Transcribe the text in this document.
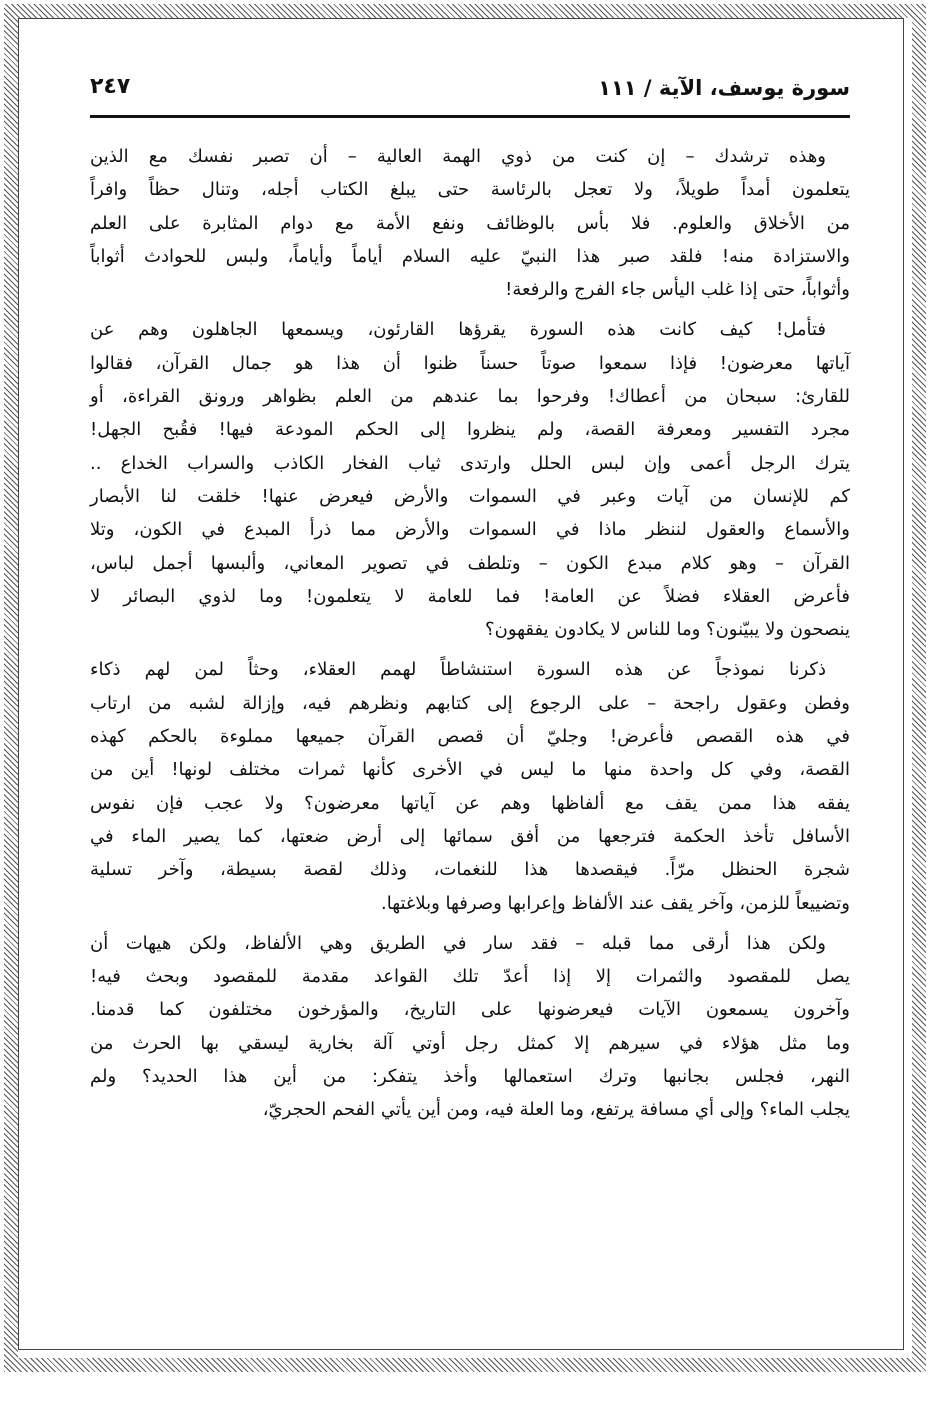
سورة يوسف، الآية / ١١١
٢٤٧
وهذه ترشدك – إن كنت من ذوي الهمة العالية – أن تصبر نفسك مع الذين
يتعلمون أمداً طويلاً، ولا تعجل بالرئاسة حتى يبلغ الكتاب أجله، وتنال حظاً وافراً
من الأخلاق والعلوم. فلا بأس بالوظائف ونفع الأمة مع دوام المثابرة على العلم
والاستزادة منه! فلقد صبر هذا النبيّ عليه السلام أياماً وأياماً، ولبس للحوادث أثواباً
وأثواباً، حتى إذا غلب اليأس جاء الفرج والرفعة!
فتأمل! كيف كانت هذه السورة يقرؤها القارئون، ويسمعها الجاهلون وهم عن
آياتها معرضون! فإذا سمعوا صوتاً حسناً ظنوا أن هذا هو جمال القرآن، فقالوا
للقارئ: سبحان من أعطاك! وفرحوا بما عندهم من العلم بظواهر ورونق القراءة، أو
مجرد التفسير ومعرفة القصة، ولم ينظروا إلى الحكم المودعة فيها! فقُبح الجهل!
يترك الرجل أعمى وإن لبس الحلل وارتدى ثياب الفخار الكاذب والسراب الخداع ..
كم للإنسان من آيات وعبر في السموات والأرض فيعرض عنها! خلقت لنا الأبصار
والأسماع والعقول لننظر ماذا في السموات والأرض مما ذرأ المبدع في الكون، وتلا
القرآن – وهو كلام مبدع الكون – وتلطف في تصوير المعاني، وألبسها أجمل لباس،
فأعرض العقلاء فضلاً عن العامة! فما للعامة لا يتعلمون! وما لذوي البصائر لا
ينصحون ولا يبيّنون؟ وما للناس لا يكادون يفقهون؟
ذكرنا نموذجاً عن هذه السورة استنشاطاً لهمم العقلاء، وحثاً لمن لهم ذكاء
وفطن وعقول راجحة – على الرجوع إلى كتابهم ونظرهم فيه، وإزالة لشبه من ارتاب
في هذه القصص فأعرض! وجليّ أن قصص القرآن جميعها مملوءة بالحكم كهذه
القصة، وفي كل واحدة منها ما ليس في الأخرى كأنها ثمرات مختلف لونها! أين من
يفقه هذا ممن يقف مع ألفاظها وهم عن آياتها معرضون؟ ولا عجب فإن نفوس
الأسافل تأخذ الحكمة فترجعها من أفق سمائها إلى أرض ضعتها، كما يصير الماء في
شجرة الحنظل مرّاً. فيقصدها هذا للنغمات، وذلك لقصة بسيطة، وآخر تسلية
وتضييعاً للزمن، وآخر يقف عند الألفاظ وإعرابها وصرفها وبلاغتها.
ولكن هذا أرقى مما قبله – فقد سار في الطريق وهي الألفاظ، ولكن هيهات أن
يصل للمقصود والثمرات إلا إذا أعدّ تلك القواعد مقدمة للمقصود وبحث فيه!
وآخرون يسمعون الآيات فيعرضونها على التاريخ، والمؤرخون مختلفون كما قدمنا.
وما مثل هؤلاء في سيرهم إلا كمثل رجل أوتي آلة بخارية ليسقي بها الحرث من
النهر، فجلس بجانبها وترك استعمالها وأخذ يتفكر: من أين هذا الحديد؟ ولم
يجلب الماء؟ وإلى أي مسافة يرتفع، وما العلة فيه، ومن أين يأتي الفحم الحجريّ،
